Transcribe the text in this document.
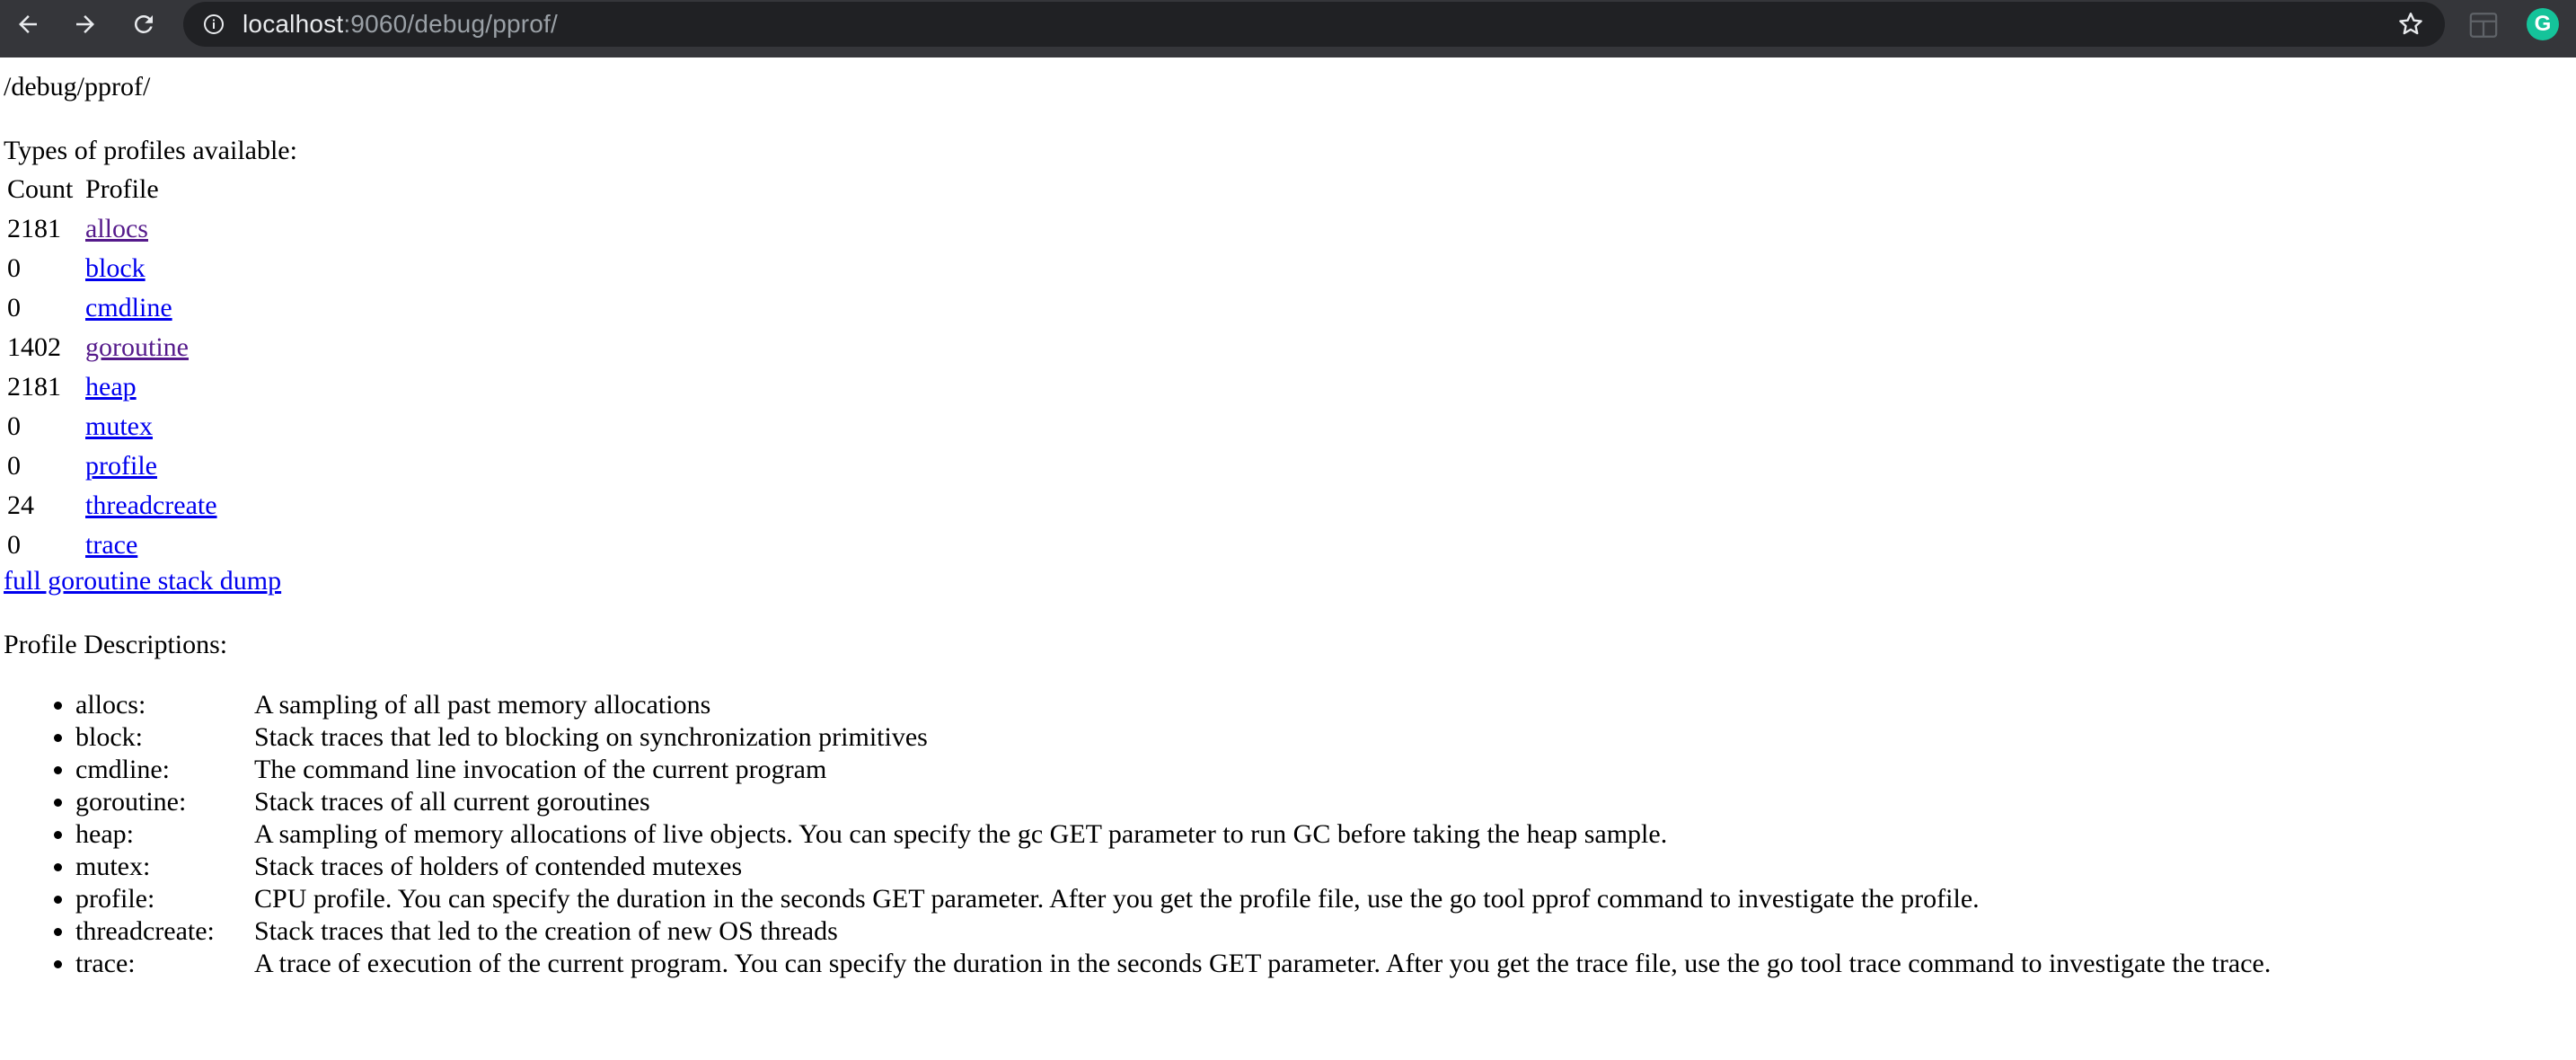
localhost:9060/debug/pprof/	G
/debug/pprof/
Types of profiles available:
Count	Profile
2181	allocs
0	block
0	cmdline
1402	goroutine
2181	heap
0	mutex
0	profile
24	threadcreate
0	trace
full goroutine stack dump
Profile Descriptions:
• allocs:	A sampling of all past memory allocations
• block:	Stack traces that led to blocking on synchronization primitives
• cmdline:	The command line invocation of the current program
• goroutine:	Stack traces of all current goroutines
• heap:	A sampling of memory allocations of live objects. You can specify the gc GET parameter to run GC before taking the heap sample.
• mutex:	Stack traces of holders of contended mutexes
• profile:	CPU profile. You can specify the duration in the seconds GET parameter. After you get the profile file, use the go tool pprof command to investigate the profile.
• threadcreate: Stack traces that led to the creation of new OS threads
• trace:	A trace of execution of the current program. You can specify the duration in the seconds GET parameter. After you get the trace file, use the go tool trace command to investigate the trace.
